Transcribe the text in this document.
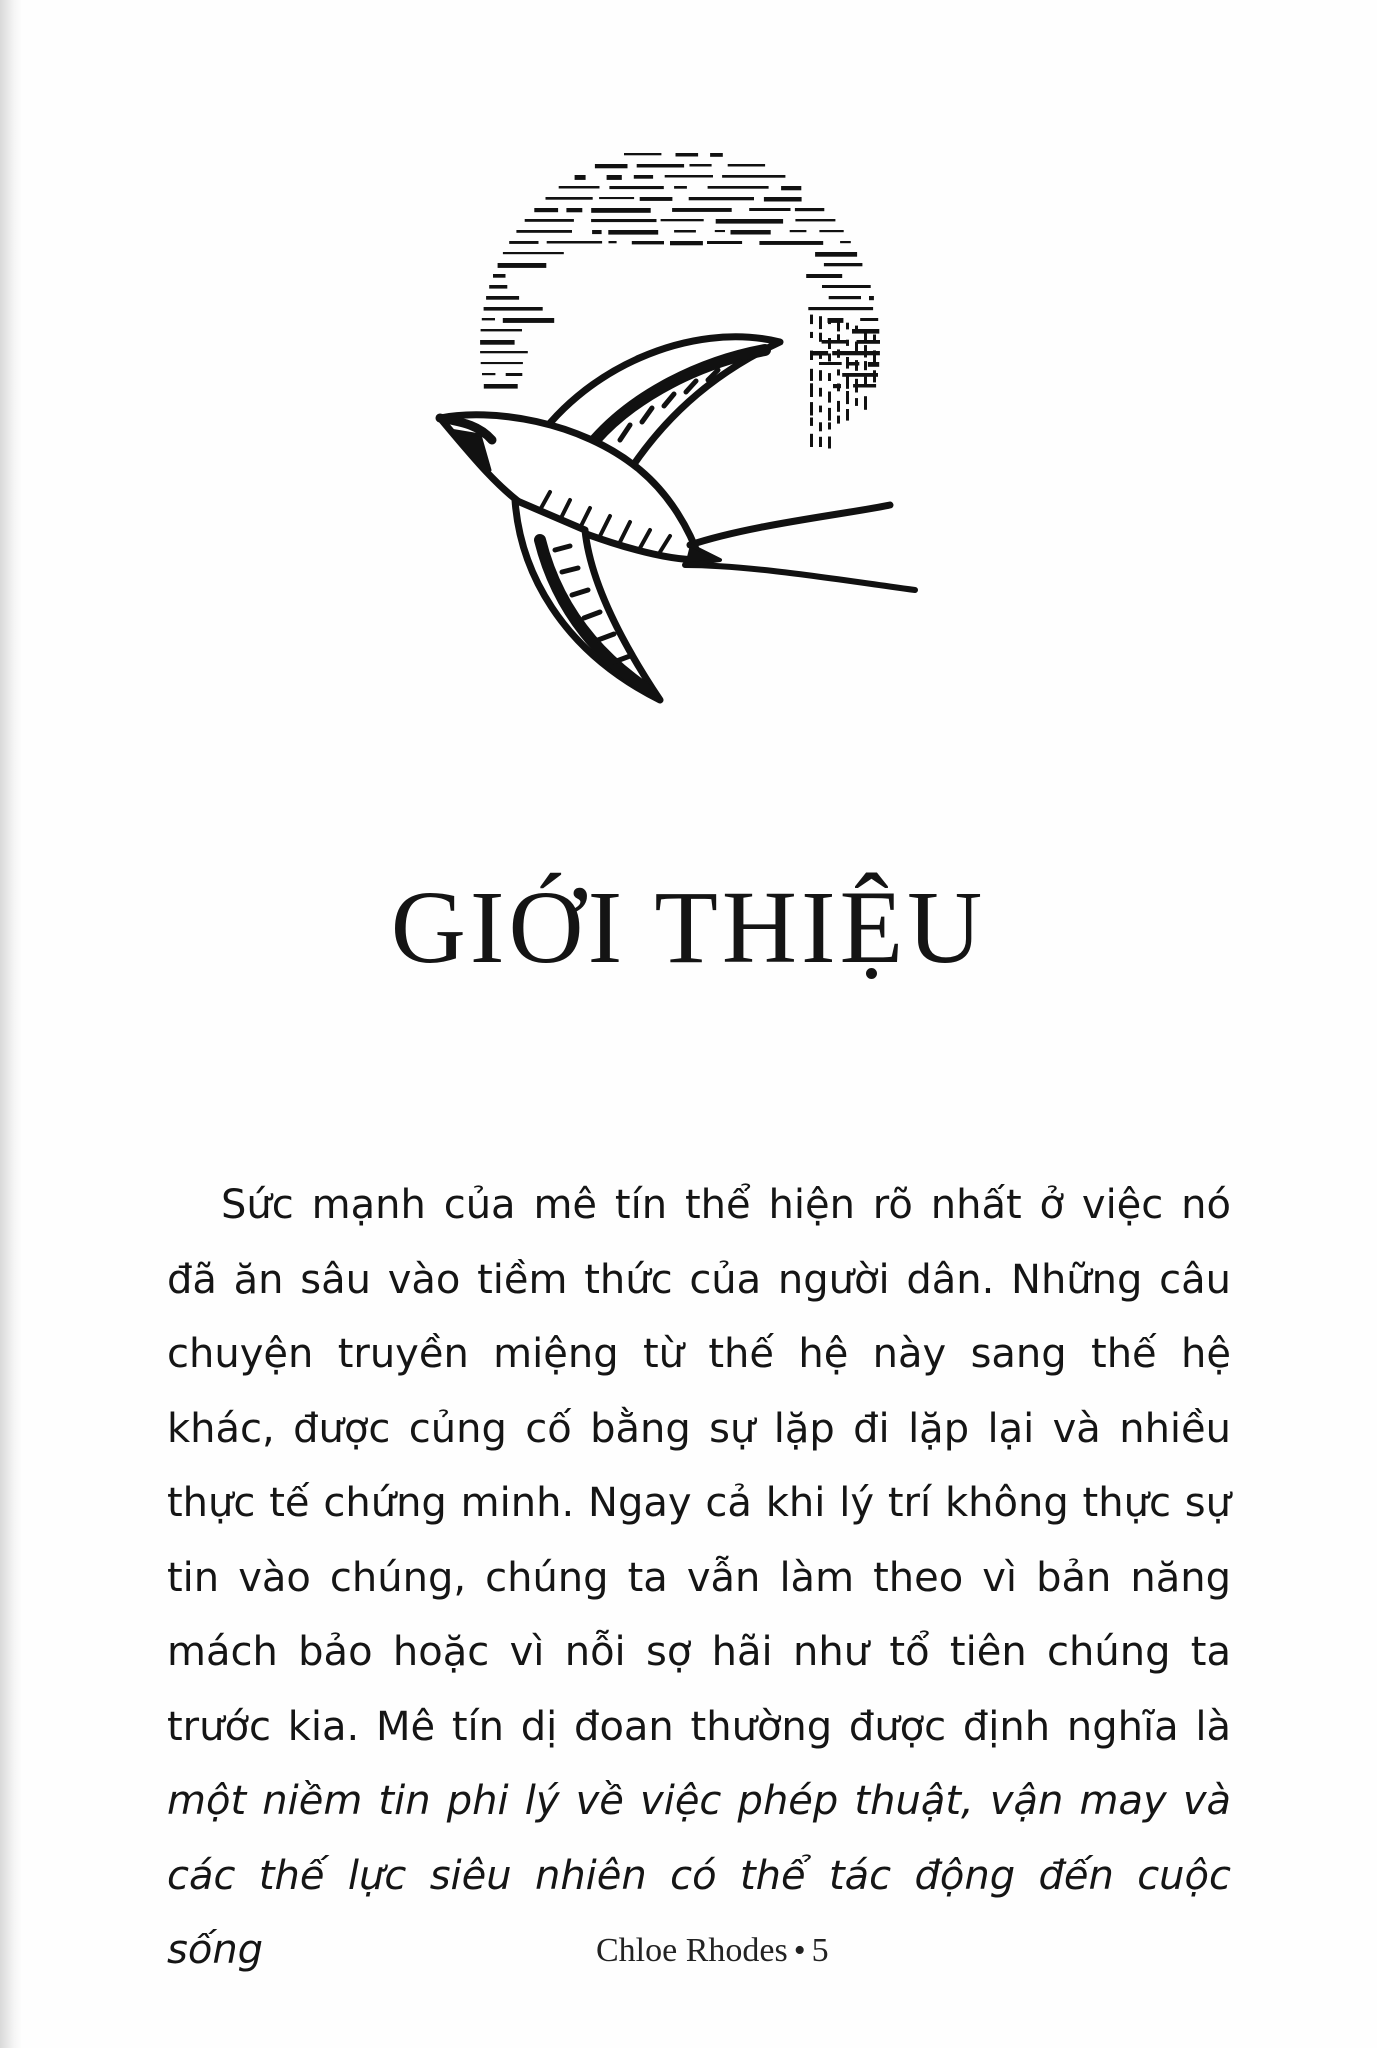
GIỚI THIỆU

Sức mạnh của mê tín thể hiện rõ nhất ở việc nó đã ăn sâu vào tiềm thức của người dân. Những câu chuyện truyền miệng từ thế hệ này sang thế hệ khác, được củng cố bằng sự lặp đi lặp lại và nhiều thực tế chứng minh. Ngay cả khi lý trí không thực sự tin vào chúng, chúng ta vẫn làm theo vì bản năng mách bảo hoặc vì nỗi sợ hãi như tổ tiên chúng ta trước kia. Mê tín dị đoan thường được định nghĩa là một niềm tin phi lý về việc phép thuật, vận may và các thế lực siêu nhiên có thể tác động đến cuộc sống	Chloe Rhodes • 5
